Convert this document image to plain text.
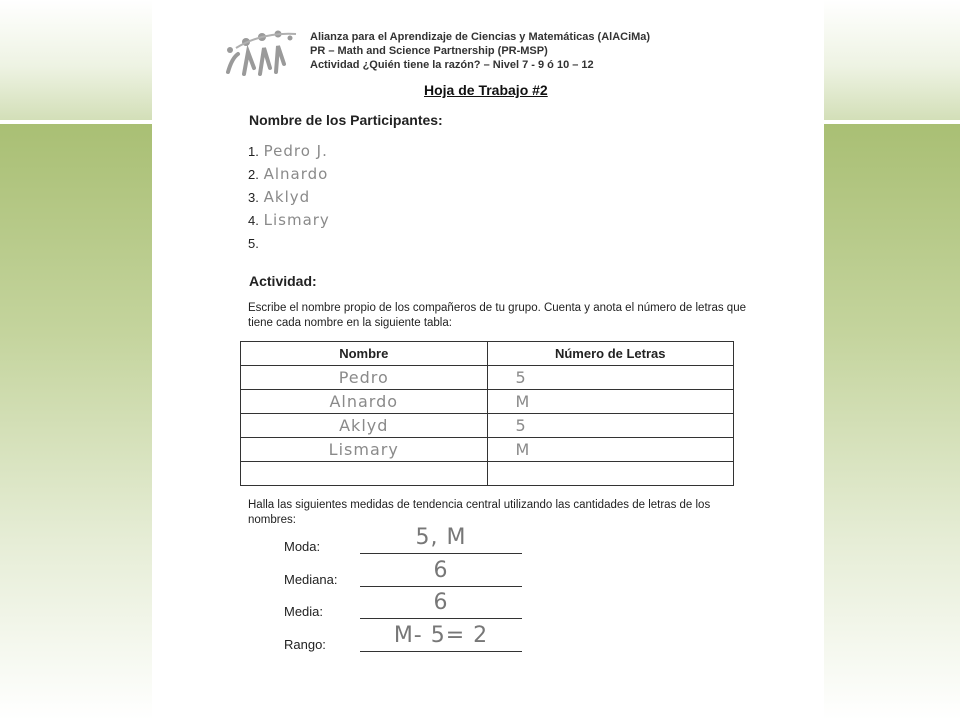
Alianza para el Aprendizaje de Ciencias y Matemáticas (AlACiMa)
PR – Math and Science Partnership (PR-MSP)
Actividad ¿Quién tiene la razón? – Nivel 7 - 9 ó 10 – 12
Hoja de Trabajo #2
Nombre de los Participantes:
1. Pedro J.
2. Alnardo
3. Aklyd
4. Lismary
5.
Actividad:
Escribe el nombre propio de los compañeros de tu grupo. Cuenta y anota el número de letras que tiene cada nombre en la siguiente tabla:
Nombre	Número de Letras
Pedro	5
Alnardo	M
Aklyd	5
Lismary	M

Halla las siguientes medidas de tendencia central utilizando las cantidades de letras de los nombres:
Moda:	5, M
Mediana:	6
Media:	6
Rango:	M- 5= 2
